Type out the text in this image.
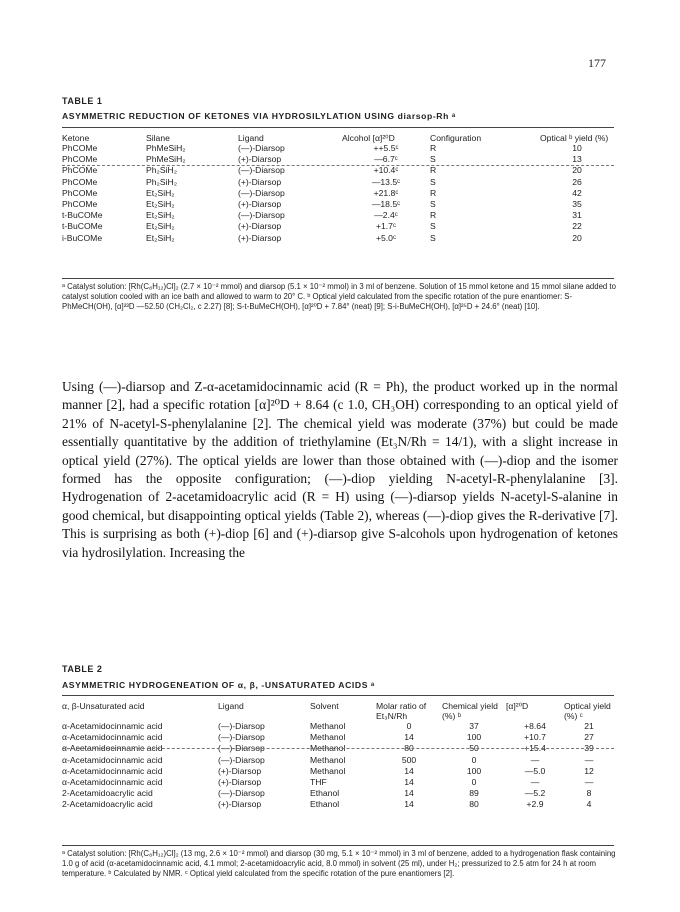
177
TABLE 1
ASYMMETRIC REDUCTION OF KETONES VIA HYDROSILYLATION USING diarsop-Rh ᵃ
Ketone	Silane	Ligand	Alcohol [α]²⁰D	Configuration	Optical ᵇ yield (%)
PhCOMe	PhMeSiH₂	(—)-Diarsop	++5.5ᶜ	R	10
PhCOMe	PhMeSiH₂	(+)-Diarsop	—6.7ᶜ	S	13
PhCOMe	Ph₂SiH₂	(—)-Diarsop	+10.4ᶜ	R	20
PhCOMe	Ph₂SiH₂	(+)-Diarsop	—13.5ᶜ	S	26
PhCOMe	Et₂SiH₂	(—)-Diarsop	+21.8ᶜ	R	42
PhCOMe	Et₂SiH₂	(+)-Diarsop	—18.5ᶜ	S	35
t-BuCOMe	Et₂SiH₂	(—)-Diarsop	—2.4ᶜ	R	31
t-BuCOMe	Et₂SiH₂	(+)-Diarsop	+1.7ᶜ	S	22
i-BuCOMe	Et₂SiH₂	(+)-Diarsop	+5.0ᶜ	S	20
ᵃ Catalyst solution: [Rh(C₈H₁₂)Cl]₂ (2.7 × 10⁻² mmol) and diarsop (5.1 × 10⁻² mmol) in 3 ml of benzene. Solution of 15 mmol ketone and 15 mmol silane added to catalyst solution cooled with an ice bath and allowed to warm to 20° C. ᵇ Optical yield calculated from the specific rotation of the pure enantiomer: S-PhMeCH(OH), [α]²³D —52.50 (CH₂Cl₂, c 2.27) [8]; S-t-BuMeCH(OH), [α]²⁰D + 7.84° (neat) [9]; S-i-BuMeCH(OH), [α]²⁵D + 24.6° (neat) [10].

Using (—)-diarsop and Z-α-acetamidocinnamic acid (R = Ph), the product worked up in the normal manner [2], had a specific rotation [α]²⁰D + 8.64 (c 1.0, CH₃OH) corresponding to an optical yield of 21% of N-acetyl-S-phenylalanine [2]. The chemical yield was moderate (37%) but could be made essentially quantitative by the addition of triethylamine (Et₃N/Rh = 14/1), with a slight increase in optical yield (27%). The optical yields are lower than those obtained with (—)-diop and the isomer formed has the opposite configuration; (—)-diop yielding N-acetyl-R-phenylalanine [3]. Hydrogenation of 2-acetamidoacrylic acid (R = H) using (—)-diarsop yields N-acetyl-S-alanine in good chemical, but disappointing optical yields (Table 2), whereas (—)-diop gives the R-derivative [7]. This is surprising as both (+)-diop [6] and (+)-diarsop give S-alcohols upon hydrogenation of ketones via hydrosilylation. Increasing the

TABLE 2
ASYMMETRIC HYDROGENEATION OF α, β, -UNSATURATED ACIDS ᵃ
α, β-Unsaturated acid	Ligand	Solvent	Molar ratio of Et₃N/Rh	Chemical yield (%) ᵇ	[α]²⁰D	Optical yield (%) ᶜ
α-Acetamidocinnamic acid	(—)-Diarsop	Methanol	0	37	+8.64	21
α-Acetamidocinnamic acid	(—)-Diarsop	Methanol	14	100	+10.7	27
α-Acetamidocinnamic acid	(—)-Diarsop	Methanol	80	50	+15.4	39
α-Acetamidocinnamic acid	(—)-Diarsop	Methanol	500	0	—	—
α-Acetamidocinnamic acid	(+)-Diarsop	Methanol	14	100	—5.0	12
α-Acetamidocinnamic acid	(+)-Diarsop	THF	14	0	—	—
2-Acetamidoacrylic acid	(—)-Diarsop	Ethanol	14	89	—5.2	8
2-Acetamidoacrylic acid	(+)-Diarsop	Ethanol	14	80	+2.9	4
ᵃ Catalyst solution: [Rh(C₈H₁₂)Cl]₂ (13 mg, 2.6 × 10⁻² mmol) and diarsop (30 mg, 5.1 × 10⁻² mmol) in 3 ml of benzene, added to a hydrogenation flask containing 1.0 g of acid (α-acetamidocinnamic acid, 4.1 mmol; 2-acetamidoacrylic acid, 8.0 mmol) in solvent (25 ml), under H₂; pressurized to 2.5 atm for 24 h at room temperature. ᵇ Calculated by NMR. ᶜ Optical yield calculated from the specific rotation of the pure enantiomers [2].
